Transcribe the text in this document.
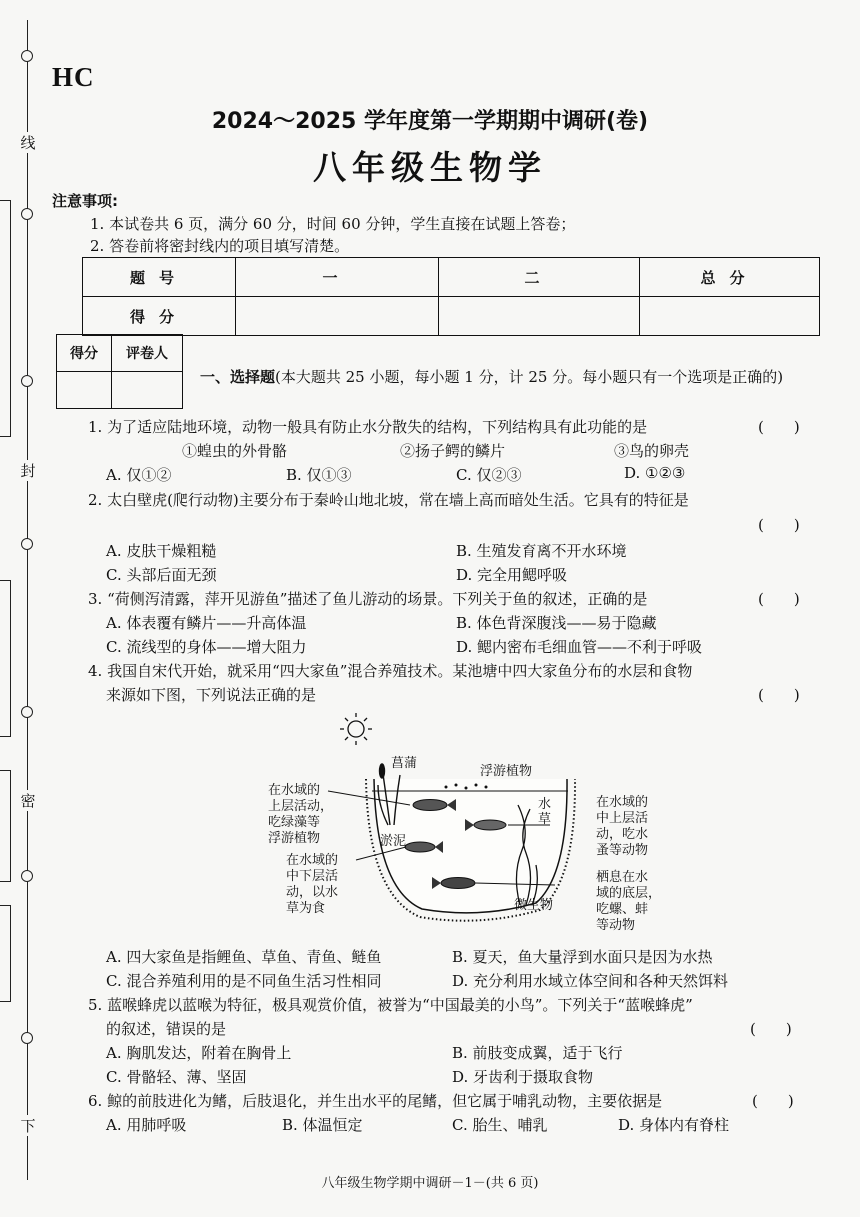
线
封
密
下
HC
2024～2025 学年度第一学期期中调研(卷)
八年级生物学
注意事项:
1. 本试卷共 6 页，满分 60 分，时间 60 分钟，学生直接在试题上答卷；
2. 答卷前将密封线内的项目填写清楚。
题号	一	二	总分
得分			
得分	评卷人

一、选择题(本大题共 25 小题，每小题 1 分，计 25 分。每小题只有一个选项是正确的)
1. 为了适应陆地环境，动物一般具有防止水分散失的结构，下列结构具有此功能的是	(　　)
①蝗虫的外骨骼	②扬子鳄的鳞片	③鸟的卵壳
A. 仅①②	B. 仅①③	C. 仅②③	D. ①②③
2. 太白壁虎(爬行动物)主要分布于秦岭山地北坡，常在墙上高而暗处生活。它具有的特征是
(　　)
A. 皮肤干燥粗糙	B. 生殖发育离不开水环境
C. 头部后面无颈	D. 完全用鳃呼吸
3. “荷侧泻清露，萍开见游鱼”描述了鱼儿游动的场景。下列关于鱼的叙述，正确的是	(　　)
A. 体表覆有鳞片——升高体温	B. 体色背深腹浅——易于隐藏
C. 流线型的身体——增大阻力	D. 鳃内密布毛细血管——不利于呼吸
4. 我国自宋代开始，就采用“四大家鱼”混合养殖技术。某池塘中四大家鱼分布的水层和食物
来源如下图，下列说法正确的是	(　　)
菖蒲
浮游植物
水
草
淤泥
微生物
在水域的
上层活动，
吃绿藻等
浮游植物
在水域的
中下层活
动，以水
草为食
在水域的
中上层活
动，吃水
蚤等动物
栖息在水
域的底层，
吃螺、蚌
等动物
A. 四大家鱼是指鲤鱼、草鱼、青鱼、鲢鱼	B. 夏天，鱼大量浮到水面只是因为水热
C. 混合养殖利用的是不同鱼生活习性相同	D. 充分利用水域立体空间和各种天然饵料
5. 蓝喉蜂虎以蓝喉为特征，极具观赏价值，被誉为“中国最美的小鸟”。下列关于“蓝喉蜂虎”
的叙述，错误的是	(　　)
A. 胸肌发达，附着在胸骨上	B. 前肢变成翼，适于飞行
C. 骨骼轻、薄、坚固	D. 牙齿利于摄取食物
6. 鲸的前肢进化为鳍，后肢退化，并生出水平的尾鳍，但它属于哺乳动物，主要依据是	(　　)
A. 用肺呼吸	B. 体温恒定	C. 胎生、哺乳	D. 身体内有脊柱
八年级生物学期中调研－1－(共 6 页)
